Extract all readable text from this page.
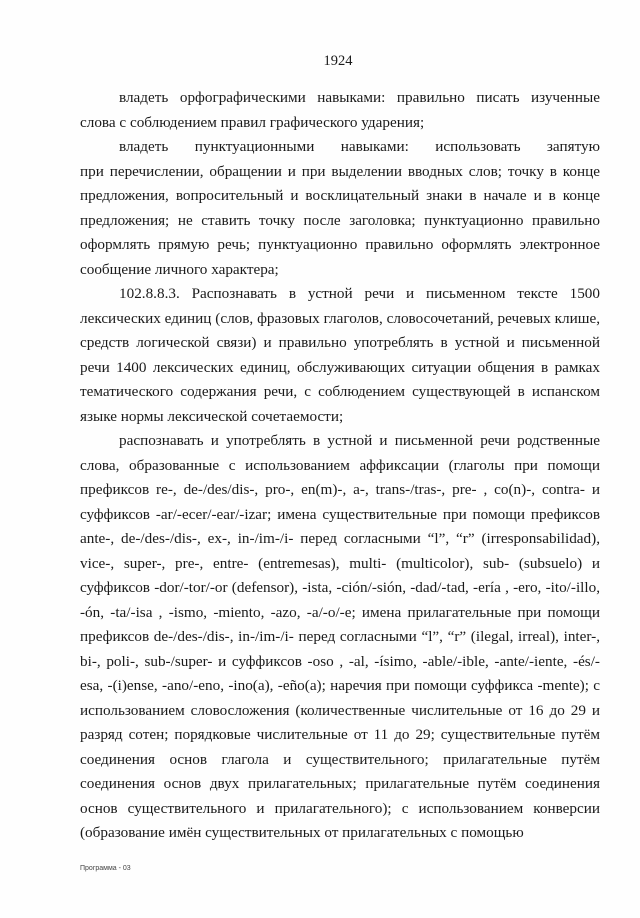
1924

владеть орфографическими навыками: правильно писать изученные слова с соблюдением правил графического ударения;

владеть пунктуационными навыками: использовать запятую

при перечислении, обращении и при выделении вводных слов; точку в конце предложения, вопросительный и восклицательный знаки в начале и в конце предложения; не ставить точку после заголовка; пунктуационно правильно оформлять прямую речь; пунктуационно правильно оформлять электронное сообщение личного характера;

102.8.8.3. Распознавать в устной речи и письменном тексте 1500 лексических единиц (слов, фразовых глаголов, словосочетаний, речевых клише, средств логической связи) и правильно употреблять в устной и письменной речи 1400 лексических единиц, обслуживающих ситуации общения в рамках тематического содержания речи, с соблюдением существующей в испанском языке нормы лексической сочетаемости;

распознавать и употреблять в устной и письменной речи родственные слова, образованные с использованием аффиксации (глаголы при помощи префиксов re-, de-/des/dis-, pro-, en(m)-, a-, trans-/tras-, pre- , co(n)-, contra- и суффиксов -ar/-ecer/-ear/-izar; имена существительные при помощи префиксов ante-, de-/des-/dis-, ex-, in-/im-/i- перед согласными “l”, “r” (irresponsabilidad), vice-, super-, pre-, entre- (entremesas), multi- (multicolor), sub- (subsuelo) и суффиксов -dor/-tor/-or (defensor), -ista, -ción/-sión, -dad/-tad, -ería , -ero, -ito/-illo, -ón, -ta/-isa , -ismo, -miento, -azo, -a/-o/-e; имена прилагательные при помощи префиксов de-/des-/dis-, in-/im-/i- перед согласными “l”, “r” (ilegal, irreal), inter-, bi-, poli-, sub-/super- и суффиксов -oso , -al, -ísimo, -able/-ible, -ante/-iente, -és/-esa, -(i)ense, -ano/-eno, -ino(a), -eño(a); наречия при помощи суффикса -mente); с использованием словосложения (количественные числительные от 16 до 29 и разряд сотен; порядковые числительные от 11 до 29; существительные путём соединения основ глагола и существительного; прилагательные путём соединения основ двух прилагательных; прилагательные путём соединения основ существительного и прилагательного); с использованием конверсии (образование имён существительных от прилагательных с помощью

Программа - 03
